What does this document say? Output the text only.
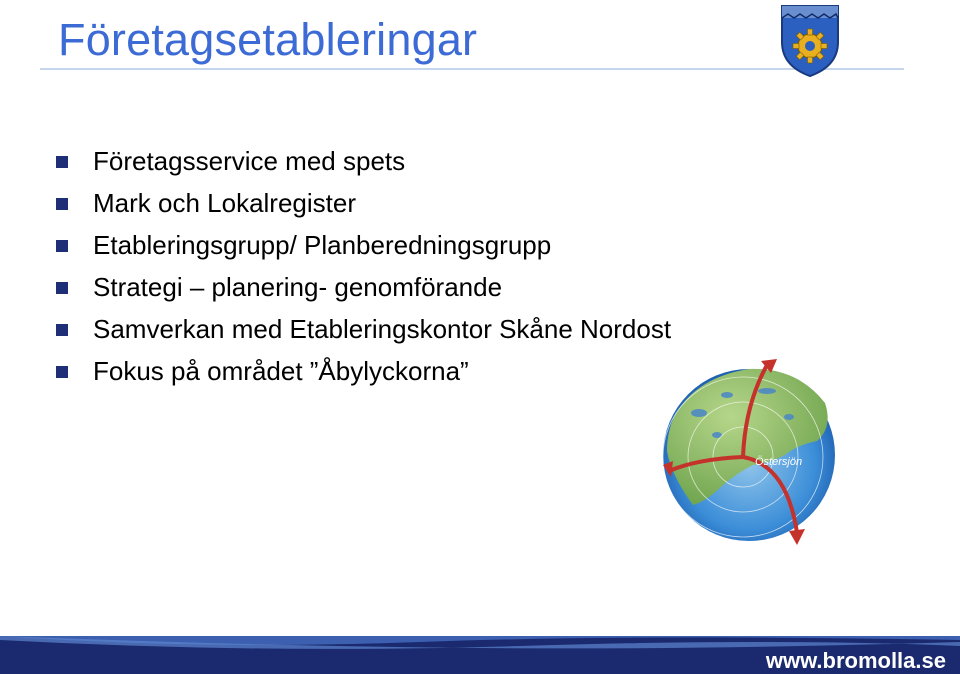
Företagsetableringar
Företagsservice med spets
Mark och Lokalregister
Etableringsgrupp/ Planberedningsgrupp
Strategi – planering- genomförande
Samverkan med Etableringskontor Skåne Nordost
Fokus på området ”Åbylyckorna”
Östersjön
www.bromolla.se
